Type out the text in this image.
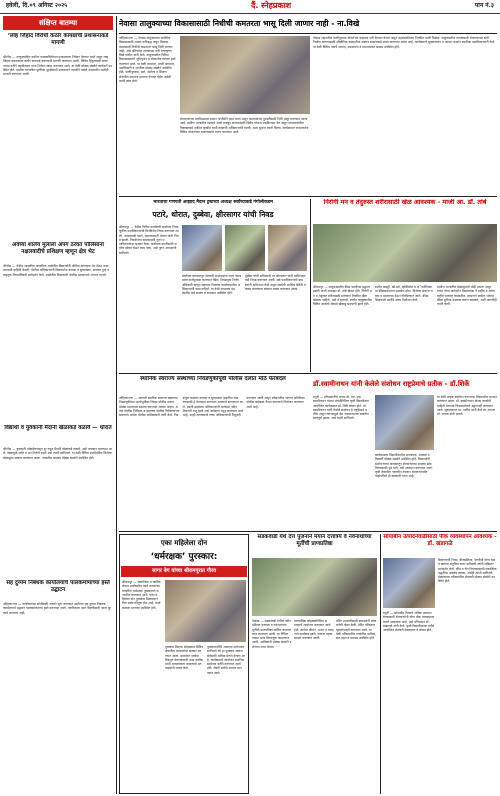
हवेली, दि.०९ अगिस्ट २०२५	दैं. स्नेहप्रकाश	पान नं.३
संक्षिप्त बातम्या
‘लव्ह जिहाद विरोधी कठोर कायद्याची प्रशासनाकडे मागणी
श्रीगोंदा — तालुक्यातील धर्मांतर कायद्याविरोधात प्रशासनाला निवेदन देण्यात आले असून लव्ह जिहाद प्रकरणांवर कठोर कारवाई करण्याची मागणी करण्यात आली. विविध हिंदुत्ववादी संघटनांच्या वतीने तहसीलदार यांना निवेदन सादर करण्यात आले. या वेळी मोठ्या संख्येने कार्यकर्ते उपस्थित होते. ग्रामीण भागातील मुलींच्या सुरक्षेसाठी प्रशासनाने तातडीने पावले उचलावीत अशीही मागणी करण्यात आली.
अवघ्या शालेय मुलाला अपंग ठरवत पोलिसांना नक्षलवादीचे प्रशिक्षण म्हणून क्षेत्र भेट
श्रीगोंदा — येथील शासकीय माध्यमिक शाळेतील विद्यार्थ्यांनी पोलिस ठाण्याला भेट देऊन कामकाजाची माहिती घेतली. पोलीस अधिकाऱ्यांनी विद्यार्थ्यांना कायदा व सुव्यवस्था, सायबर गुन्हे व वाहतूक नियमांविषयी मार्गदर्शन केले. शाळेतील शिक्षकांनी पोलीस प्रशासनाचे आभार मानले.
विद्यार्थी व युवकांनी मैदानी खेळाकडे वळावे — थोरात
श्रीगोंदा — युवकांनी मोबाईलपासून दूर राहून मैदानी खेळांकडे वळावे, असे आवाहन करण्यात आले. खेळामुळे शरीर व मन निरोगी राहते असे त्यांनी सांगितले. या वेळी विविध स्पर्धांमधील विजेत्या खेळाडूंचा सत्कार करण्यात आला. गावातील ग्रामस्थ मोठ्या संख्येने उपस्थित होते.
सह दुय्यम निबंधक कार्यालयाचे पालकमंत्र्यांच्या हस्ते उद्घाटन
अहिल्यानगर — नागरिकांच्या सोयीसाठी नव्याने सुरू करण्यात आलेल्या सह दुय्यम निबंधक कार्यालयाचे उद्घाटन पालकमंत्र्यांच्या हस्ते करण्यात आले. नागरिकांना दस्त नोंदणीसाठी आता दूर जावे लागणार नाही.
नेवासा तालुक्याच्या विकासासाठी निधीची कमतरता भासू दिली जाणार नाही - ना.विखे
अहिल्यानगर — नेवासा तालुक्याच्या सर्वांगीण विकासासाठी शासन कटिबद्ध असून विकासकामांसाठी निधीची कमतरता भासू दिली जाणार नाही, असे प्रतिपादन जलसंपदा मंत्री राधाकृष्ण विखे पाटील यांनी केले. तालुक्यातील विविध विकासकामांचे भूमिपूजन व लोकार्पण त्यांच्या हस्ते करण्यात आले. या वेळी आमदार, माजी आमदार, पदाधिकारी व नागरिक मोठ्या संख्येने उपस्थित होते. पाणीपुरवठा, रस्ते, आरोग्य व शिक्षण क्षेत्रातील कामांना प्राधान्य देण्यात येईल असेही त्यांनी स्पष्ट केले.
शेतकऱ्यांच्या पाणीप्रश्नावर शासन गांभीर्याने काम करत असून कालव्यांच्या दुरुस्तीसाठी निधी मंजूर करण्यात आला आहे. ग्रामीण भागातील रस्त्यांचे जाळे मजबूत करण्यासाठी विशेष योजना राबविण्यात येत असून गावागावांतील विकासकामे दर्जेदार व्हावीत याची काळजी अधिकाऱ्यांनी घ्यावी, अशा सूचना त्यांनी दिल्या. कार्यक्रमात लाभार्थ्यांना विविध योजनांच्या प्रमाणपत्रांचे वाटप करण्यात आले.
नेवासा शहरातील पाणीपुरवठा योजनेच्या कामाला गती देण्यात येणार असून शहरवासीयांना नियमित पाणी मिळेल. तालुक्यातील तरुणांसाठी रोजगाराच्या संधी निर्माण करण्यासाठी औद्योगिक वसाहतीचा प्रस्ताव शासनाकडे सादर करण्यात आला आहे. कार्यक्रमाचे सूत्रसंचालन व आभार प्रदर्शन स्थानिक पदाधिकाऱ्यांनी केले. या वेळी विविध गावचे सरपंच, उपसरपंच व ग्रामपंचायत सदस्य उपस्थित होते.
भारताचा गणपती आझाद मैदान ट्रस्टच्या अध्यक्ष सर्वांच्याकडे गंगोलीकडम
पटारे, थोरात, दुब्बेवा, क्षीरसागर यांची निवड
श्रीरामपूर — येथील विविध कार्यकारी संस्थेच्या निवडणुकीत पदाधिकाऱ्यांची बिनविरोध निवड करण्यात आली. अध्यक्षपदी पटारे, उपाध्यक्षपदी थोरात यांची निवड झाली. निवडीनंतर सभासदांनी नूतन पदाधिकाऱ्यांचा सत्कार केला. संस्थेच्या प्रगतीसाठी सर्वांना सोबत घेऊन काम करू, असे नूतन अध्यक्षांनी सांगितले.
संस्थेच्या माध्यमातून शेतकरी सभासदांना अल्प व्याजदरात कर्जपुरवठा करण्यात येईल. निवडणूक निर्णय अधिकारी म्हणून सहायक निबंधक कार्यालयातील अधिकाऱ्यांनी काम पाहिले. या वेळी संचालक मंडळातील सर्व सदस्य व सभासद उपस्थित होते.
दुब्बेवा यांची सचिवपदी तर क्षीरसागर यांची खजिनदारपदी निवड करण्यात आली. सर्व पदाधिकाऱ्यांचे ग्रामस्थांनी अभिनंदन केले असून संस्थेची आर्थिक स्थिती भक्कम करण्याचा संकल्प व्यक्त करण्यात आला.
निरोगी मन व तंदुरुस्त शरीरासाठी खेळ आवश्यक - माजी आ. डॉ. तांबे
श्रीरामपूर — तालुकास्तरीय क्रीडा स्पर्धांच्या उद्घाटनप्रसंगी माजी आमदार डॉ. तांबे बोलत होते. निरोगी मन व तंदुरुस्त शरीरासाठी प्रत्येकाने नियमित खेळ खेळला पाहिजे, असे ते म्हणाले. स्पर्धेत तालुक्यातील विविध शाळांचे शेकडो खेळाडू सहभागी झाले होते.
स्पर्धेत कबड्डी, खो-खो, व्हॉलीबॉल व अॅथलेटिक्स या क्रीडाप्रकारांचा समावेश होता. विजेत्या संघांना चषक व प्रमाणपत्र देऊन गौरविण्यात आले. क्रीडा शिक्षकांनी स्पर्धेचे उत्तम नियोजन केले.
ग्रामीण भागातील खेळाडूंमध्ये मोठी क्षमता असून त्यांना योग्य मार्गदर्शन मिळाल्यास ते राष्ट्रीय व आंतरराष्ट्रीय स्तरावर चमकतील. शासनाने ग्रामीण भागात क्रीडा सुविधा उपलब्ध करून द्याव्यात, अशी मागणीही त्यांनी केली.
स्थानिक स्वराज्य संस्थांच्या निवडणुकीपूर्वी पोलीस दलात मोठे फेरबदल
अहिल्यानगर — आगामी स्थानिक स्वराज्य संस्थांच्या निवडणुकीच्या पार्श्वभूमीवर जिल्हा पोलीस दलात मोठ्या प्रमाणावर बदल्या करण्यात आल्या आहेत. अनेक पोलीस निरीक्षक व सहायक पोलीस निरीक्षकांच्या बदल्यांचे आदेश पोलीस अधीक्षकांनी जारी केले. निवडणूक काळात कायदा व सुव्यवस्था अबाधित राखण्यासाठी हे फेरबदल करण्यात आल्याचे सांगण्यात आले. बदली झालेल्या अधिकाऱ्यांनी तात्काळ नवीन ठिकाणी रुजू व्हावे असे आदेशात नमूद करण्यात आले आहे. काही ठाण्यांमध्ये नव्या अधिकाऱ्यांची नियुक्ती करण्यात आली असून संवेदनशील भागात अतिरिक्त पोलीस बंदोबस्त तैनात करण्याचे नियोजन करण्यात आले आहे.
डॉ.स्वामीनाथन यांनी केलेले संशोधन राष्ट्रप्रेमाचे प्रतीक - डॉ.शिर्के
राहुरी — हरितक्रांतीचे जनक डॉ. एम. एस. स्वामीनाथन यांच्या जयंतीनिमित्त कृषी विद्यापीठात आयोजित कार्यक्रमात डॉ. शिर्के बोलत होते. डॉ. स्वामीनाथन यांनी केलेले संशोधन हे राष्ट्रप्रेमाचे प्रतीक असून त्यांच्यामुळे देश अन्नधान्याच्या बाबतीत स्वयंपूर्ण झाला, असे त्यांनी सांगितले.
कार्यक्रमाला विद्यापीठातील प्राध्यापक, शास्त्रज्ञ व विद्यार्थी मोठ्या संख्येने उपस्थित होते. विद्यार्थ्यांनी संशोधनाच्या माध्यमातून शेतकऱ्यांच्या समस्या सोडविण्यासाठी पुढे यावे, असे आवाहन करण्यात आले. कृषी क्षेत्रातील नवनवीन तंत्रज्ञान शेतकऱ्यांपर्यंत पोहोचविणे ही काळाची गरज आहे.
या वेळी उत्कृष्ट संशोधन करणाऱ्या विद्यार्थ्यांचा सन्मान करण्यात आला. डॉ. स्वामीनाथन यांच्या कार्याची माहिती देणाऱ्या चित्रप्रदर्शनाचे उद्घाटनही करण्यात आले. सूत्रसंचालन प्रा. पाटील यांनी केले तर आभार डॉ. जाधव यांनी मानले.
एका महिलेला दोन
‘धर्मरक्षक’ पुरस्कार:
सागर बेग यांच्या श्रीरामपूरात गौरव
श्रीरामपूर — सामाजिक व धार्मिक क्षेत्रात उल्लेखनीय कार्य करणाऱ्या व्यक्तींना धर्मरक्षक पुरस्काराने सन्मानित करण्यात आले. एका महिलेला दोन पुरस्कार मिळाल्याने तिचे सर्वत्र कौतुक होत आहे. कार्यक्रमाला मान्यवर उपस्थित होते.
पुरस्कार वितरण सोहळ्यात विविध क्षेत्रातील मान्यवरांचा सत्कार करण्यात आला. समाजात एकोपा टिकवून ठेवण्यासाठी अशा कार्यक्रमांची आवश्यकता असल्याचे मत वक्त्यांनी व्यक्त केले.
पुरस्कारार्थींनी आपल्या मनोगतात सांगितले की हा पुरस्कार समाजसेवेसाठी अधिक प्रेरणा देणारा आहे. कार्यक्रमाचे आयोजन स्थानिक संस्थेच्या वतीने करण्यात आले होते. शेवटी सर्वांचे आभार मानण्यात आले.
सडकवाडी येथे दत्त पुजनाने मयान दत्तात्रय व नवनाथांच्या मूर्तीची प्राणप्रतिष्ठा
नेवासा — सडकवाडी येथील नवीन मंदिरात दत्तात्रय व नवनाथांच्या मूर्तीची प्राणप्रतिष्ठा धार्मिक वातावरणात करण्यात आली. या निमित्त गावात भव्य मिरवणूक काढण्यात आली. भाविकांनी मोठ्या संख्येने दर्शनाचा लाभ घेतला.
प्राणप्रतिष्ठा सोहळ्यानिमित्त सप्ताहाचे आयोजन करण्यात आले होते. दररोज कीर्तन, भजन व प्रवचनाचे कार्यक्रम झाले. सांगता महाप्रसादाने करण्यात आली.
मंदिर उभारणीसाठी ग्रामस्थांनी लोकवर्गणी गोळा केली. मंदिर परिसरात वृक्षारोपणही करण्यात आले. या वेळी परिसरातील गावांतील भाविक, संत-महंत व ग्रामस्थ उपस्थित होते.
सोयाबीन उत्पादनवाढीसाठी पीक व्यवस्थापन आवश्यक - डॉ. खंडागळे
राहुरी — सोयाबीन पिकाचे अधिक उत्पादन घेण्यासाठी शेतकऱ्यांनी योग्य पीक व्यवस्थापन करणे आवश्यक आहे, असे प्रतिपादन डॉ. खंडागळे यांनी केले. कृषी विद्यापीठाच्या वतीने आयोजित शेतकरी मेळाव्यात ते बोलत होते.
बियाण्याची निवड, बीजप्रक्रिया, पेरणीची योग्य वेळ व खतांचा संतुलित वापर याविषयी त्यांनी सविस्तर मार्गदर्शन केले. कीड व रोग नियंत्रणासाठी एकात्मिक पद्धतीचा अवलंब करावा, असेही त्यांनी सांगितले. मेळाव्याला परिसरातील शेतकरी मोठ्या संख्येने उपस्थित होते.
